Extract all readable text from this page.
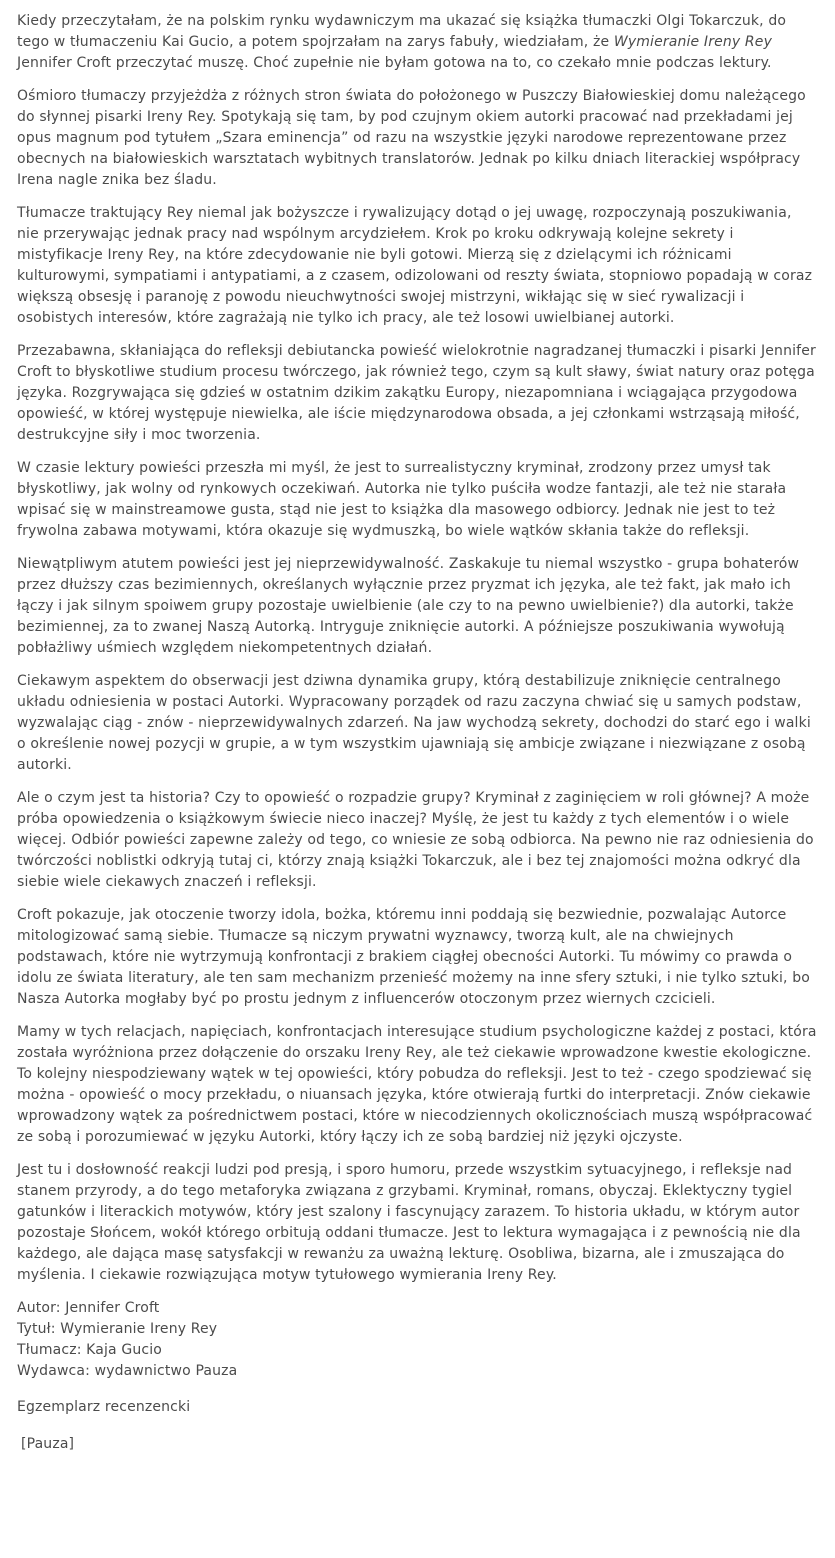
Kiedy przeczytałam, że na polskim rynku wydawniczym ma ukazać się książka tłumaczki Olgi Tokarczuk, do tego w tłumaczeniu Kai Gucio, a potem spojrzałam na zarys fabuły, wiedziałam, że Wymieranie Ireny Rey Jennifer Croft przeczytać muszę. Choć zupełnie nie byłam gotowa na to, co czekało mnie podczas lektury.

Ośmioro tłumaczy przyjeżdża z różnych stron świata do położonego w Puszczy Białowieskiej domu należącego do słynnej pisarki Ireny Rey. Spotykają się tam, by pod czujnym okiem autorki pracować nad przekładami jej opus magnum pod tytułem „Szara eminencja” od razu na wszystkie języki narodowe reprezentowane przez obecnych na białowieskich warsztatach wybitnych translatorów. Jednak po kilku dniach literackiej współpracy Irena nagle znika bez śladu.

Tłumacze traktujący Rey niemal jak bożyszcze i rywalizujący dotąd o jej uwagę, rozpoczynają poszukiwania, nie przerywając jednak pracy nad wspólnym arcydziełem. Krok po kroku odkrywają kolejne sekrety i mistyfikacje Ireny Rey, na które zdecydowanie nie byli gotowi. Mierzą się z dzielącymi ich różnicami kulturowymi, sympatiami i antypatiami, a z czasem, odizolowani od reszty świata, stopniowo popadają w coraz większą obsesję i paranoję z powodu nieuchwytności swojej mistrzyni, wikłając się w sieć rywalizacji i osobistych interesów, które zagrażają nie tylko ich pracy, ale też losowi uwielbianej autorki.

Przezabawna, skłaniająca do refleksji debiutancka powieść wielokrotnie nagradzanej tłumaczki i pisarki Jennifer Croft to błyskotliwe studium procesu twórczego, jak również tego, czym są kult sławy, świat natury oraz potęga języka. Rozgrywająca się gdzieś w ostatnim dzikim zakątku Europy, niezapomniana i wciągająca przygodowa opowieść, w której występuje niewielka, ale iście międzynarodowa obsada, a jej członkami wstrząsają miłość, destrukcyjne siły i moc tworzenia.

W czasie lektury powieści przeszła mi myśl, że jest to surrealistyczny kryminał, zrodzony przez umysł tak błyskotliwy, jak wolny od rynkowych oczekiwań. Autorka nie tylko puściła wodze fantazji, ale też nie starała wpisać się w mainstreamowe gusta, stąd nie jest to książka dla masowego odbiorcy. Jednak nie jest to też frywolna zabawa motywami, która okazuje się wydmuszką, bo wiele wątków skłania także do refleksji.

Niewątpliwym atutem powieści jest jej nieprzewidywalność. Zaskakuje tu niemal wszystko - grupa bohaterów przez dłuższy czas bezimiennych, określanych wyłącznie przez pryzmat ich języka, ale też fakt, jak mało ich łączy i jak silnym spoiwem grupy pozostaje uwielbienie (ale czy to na pewno uwielbienie?) dla autorki, także bezimiennej, za to zwanej Naszą Autorką. Intryguje zniknięcie autorki. A późniejsze poszukiwania wywołują pobłażliwy uśmiech względem niekompetentnych działań.

Ciekawym aspektem do obserwacji jest dziwna dynamika grupy, którą destabilizuje zniknięcie centralnego układu odniesienia w postaci Autorki. Wypracowany porządek od razu zaczyna chwiać się u samych podstaw, wyzwalając ciąg - znów - nieprzewidywalnych zdarzeń. Na jaw wychodzą sekrety, dochodzi do starć ego i walki o określenie nowej pozycji w grupie, a w tym wszystkim ujawniają się ambicje związane i niezwiązane z osobą autorki.

Ale o czym jest ta historia? Czy to opowieść o rozpadzie grupy? Kryminał z zaginięciem w roli głównej? A może próba opowiedzenia o książkowym świecie nieco inaczej? Myślę, że jest tu każdy z tych elementów i o wiele więcej. Odbiór powieści zapewne zależy od tego, co wniesie ze sobą odbiorca. Na pewno nie raz odniesienia do twórczości noblistki odkryją tutaj ci, którzy znają książki Tokarczuk, ale i bez tej znajomości można odkryć dla siebie wiele ciekawych znaczeń i refleksji.

Croft pokazuje, jak otoczenie tworzy idola, bożka, któremu inni poddają się bezwiednie, pozwalając Autorce mitologizować samą siebie. Tłumacze są niczym prywatni wyznawcy, tworzą kult, ale na chwiejnych podstawach, które nie wytrzymują konfrontacji z brakiem ciągłej obecności Autorki. Tu mówimy co prawda o idolu ze świata literatury, ale ten sam mechanizm przenieść możemy na inne sfery sztuki, i nie tylko sztuki, bo Nasza Autorka mogłaby być po prostu jednym z influencerów otoczonym przez wiernych czcicieli.

Mamy w tych relacjach, napięciach, konfrontacjach interesujące studium psychologiczne każdej z postaci, która została wyróżniona przez dołączenie do orszaku Ireny Rey, ale też ciekawie wprowadzone kwestie ekologiczne. To kolejny niespodziewany wątek w tej opowieści, który pobudza do refleksji. Jest to też - czego spodziewać się można - opowieść o mocy przekładu, o niuansach języka, które otwierają furtki do interpretacji. Znów ciekawie wprowadzony wątek za pośrednictwem postaci, które w niecodziennych okolicznościach muszą współpracować ze sobą i porozumiewać w języku Autorki, który łączy ich ze sobą bardziej niż języki ojczyste.

Jest tu i dosłowność reakcji ludzi pod presją, i sporo humoru, przede wszystkim sytuacyjnego, i refleksje nad stanem przyrody, a do tego metaforyka związana z grzybami. Kryminał, romans, obyczaj. Eklektyczny tygiel gatunków i literackich motywów, który jest szalony i fascynujący zarazem. To historia układu, w którym autor pozostaje Słońcem, wokół którego orbitują oddani tłumacze. Jest to lektura wymagająca i z pewnością nie dla każdego, ale dająca masę satysfakcji w rewanżu za uważną lekturę. Osobliwa, bizarna, ale i zmuszająca do myślenia. I ciekawie rozwiązująca motyw tytułowego wymierania Ireny Rey.

Autor: Jennifer Croft
Tytuł: Wymieranie Ireny Rey
Tłumacz: Kaja Gucio
Wydawca: wydawnictwo Pauza

Egzemplarz recenzencki

[Pauza]
